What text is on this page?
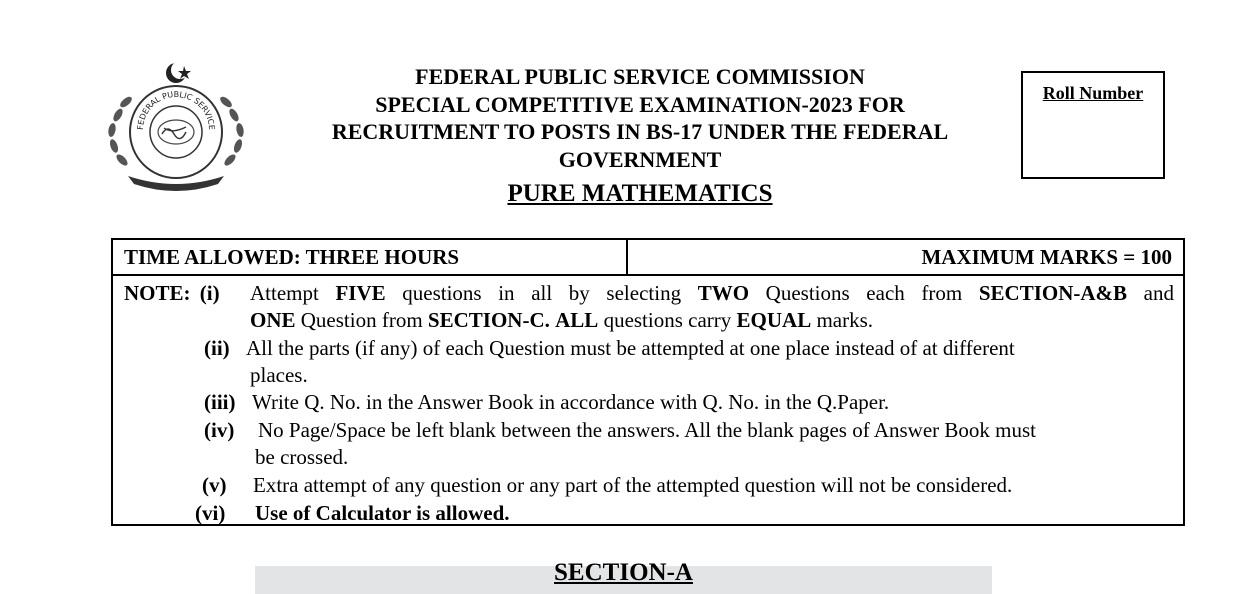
FEDERAL PUBLIC SERVICE
FEDERAL PUBLIC SERVICE COMMISSION
SPECIAL COMPETITIVE EXAMINATION-2023 FOR
RECRUITMENT TO POSTS IN BS-17 UNDER THE FEDERAL
GOVERNMENT
PURE MATHEMATICS
Roll Number
TIME ALLOWED: THREE HOURS	MAXIMUM MARKS = 100
NOTE: (i) Attempt FIVE questions in all by selecting TWO Questions each from SECTION-A&B and
ONE Question from SECTION-C. ALL questions carry EQUAL marks.
(ii) All the parts (if any) of each Question must be attempted at one place instead of at different
places.
(iii) Write Q. No. in the Answer Book in accordance with Q. No. in the Q.Paper.
(iv) No Page/Space be left blank between the answers. All the blank pages of Answer Book must
be crossed.
(v) Extra attempt of any question or any part of the attempted question will not be considered.
(vi) Use of Calculator is allowed.
SECTION-A
